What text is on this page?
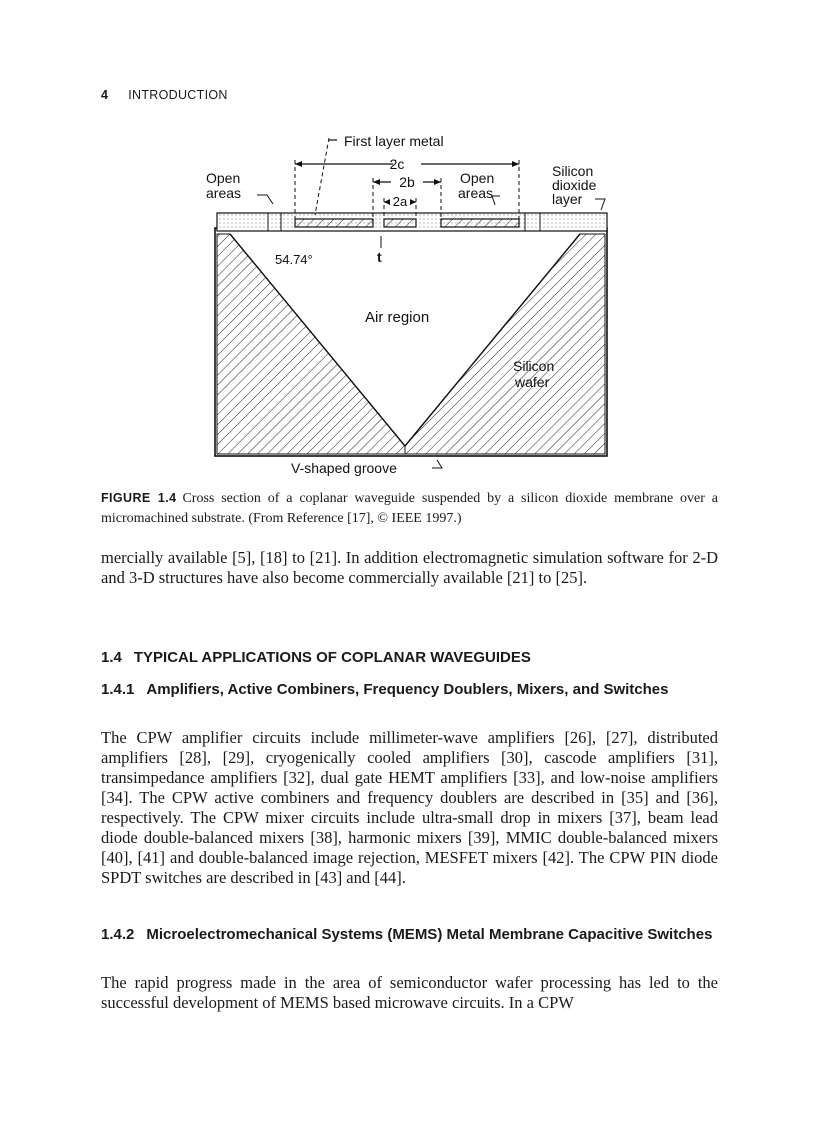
4 INTRODUCTION
First layer metal
Open
areas
2c
2b
2a
Open
areas
Silicon
dioxide
layer
54.74°	t
Air region
Silicon
wafer
V-shaped groove
FIGURE 1.4 Cross section of a coplanar waveguide suspended by a silicon dioxide membrane over a micromachined substrate. (From Reference [17], © IEEE 1997.)

mercially available [5], [18] to [21]. In addition electromagnetic simulation software for 2-D and 3-D structures have also become commercially available [21] to [25].

1.4 TYPICAL APPLICATIONS OF COPLANAR WAVEGUIDES
1.4.1 Amplifiers, Active Combiners, Frequency Doublers, Mixers, and Switches

The CPW amplifier circuits include millimeter-wave amplifiers [26], [27], distributed amplifiers [28], [29], cryogenically cooled amplifiers [30], cascode amplifiers [31], transimpedance amplifiers [32], dual gate HEMT amplifiers [33], and low-noise amplifiers [34]. The CPW active combiners and frequency doublers are described in [35] and [36], respectively. The CPW mixer circuits include ultra-small drop in mixers [37], beam lead diode double-balanced mixers [38], harmonic mixers [39], MMIC double-balanced mixers [40], [41] and double-balanced image rejection, MESFET mixers [42]. The CPW PIN diode SPDT switches are described in [43] and [44].

1.4.2 Microelectromechanical Systems (MEMS) Metal Membrane Capacitive Switches

The rapid progress made in the area of semiconductor wafer processing has led to the successful development of MEMS based microwave circuits. In a CPW
